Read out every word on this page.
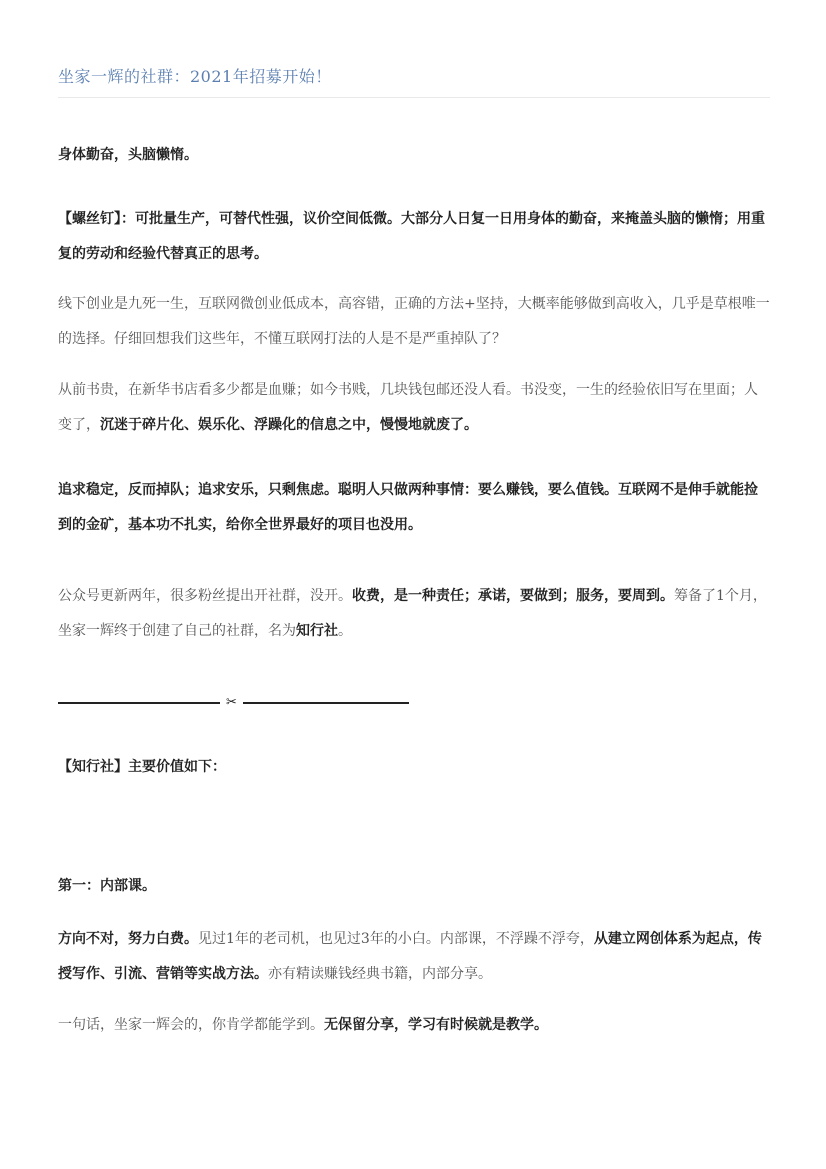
坐家一辉的社群：2021年招募开始！

身体勤奋，头脑懒惰。

【螺丝钉】：可批量生产，可替代性强，议价空间低微。大部分人日复一日用身体的勤奋，来掩盖头脑的懒惰；用重复的劳动和经验代替真正的思考。

线下创业是九死一生，互联网微创业低成本，高容错，正确的方法+坚持，大概率能够做到高收入，几乎是草根唯一的选择。仔细回想我们这些年，不懂互联网打法的人是不是严重掉队了？

从前书贵，在新华书店看多少都是血赚；如今书贱，几块钱包邮还没人看。书没变，一生的经验依旧写在里面；人变了，沉迷于碎片化、娱乐化、浮躁化的信息之中，慢慢地就废了。

追求稳定，反而掉队；追求安乐，只剩焦虑。聪明人只做两种事情：要么赚钱，要么值钱。互联网不是伸手就能捡到的金矿，基本功不扎实，给你全世界最好的项目也没用。

公众号更新两年，很多粉丝提出开社群，没开。收费，是一种责任；承诺，要做到；服务，要周到。筹备了1个月，坐家一辉终于创建了自己的社群，名为知行社。

✂

【知行社】主要价值如下：

第一：内部课。

方向不对，努力白费。见过1年的老司机，也见过3年的小白。内部课，不浮躁不浮夸，从建立网创体系为起点，传授写作、引流、营销等实战方法。亦有精读赚钱经典书籍，内部分享。

一句话，坐家一辉会的，你肯学都能学到。无保留分享，学习有时候就是教学。
